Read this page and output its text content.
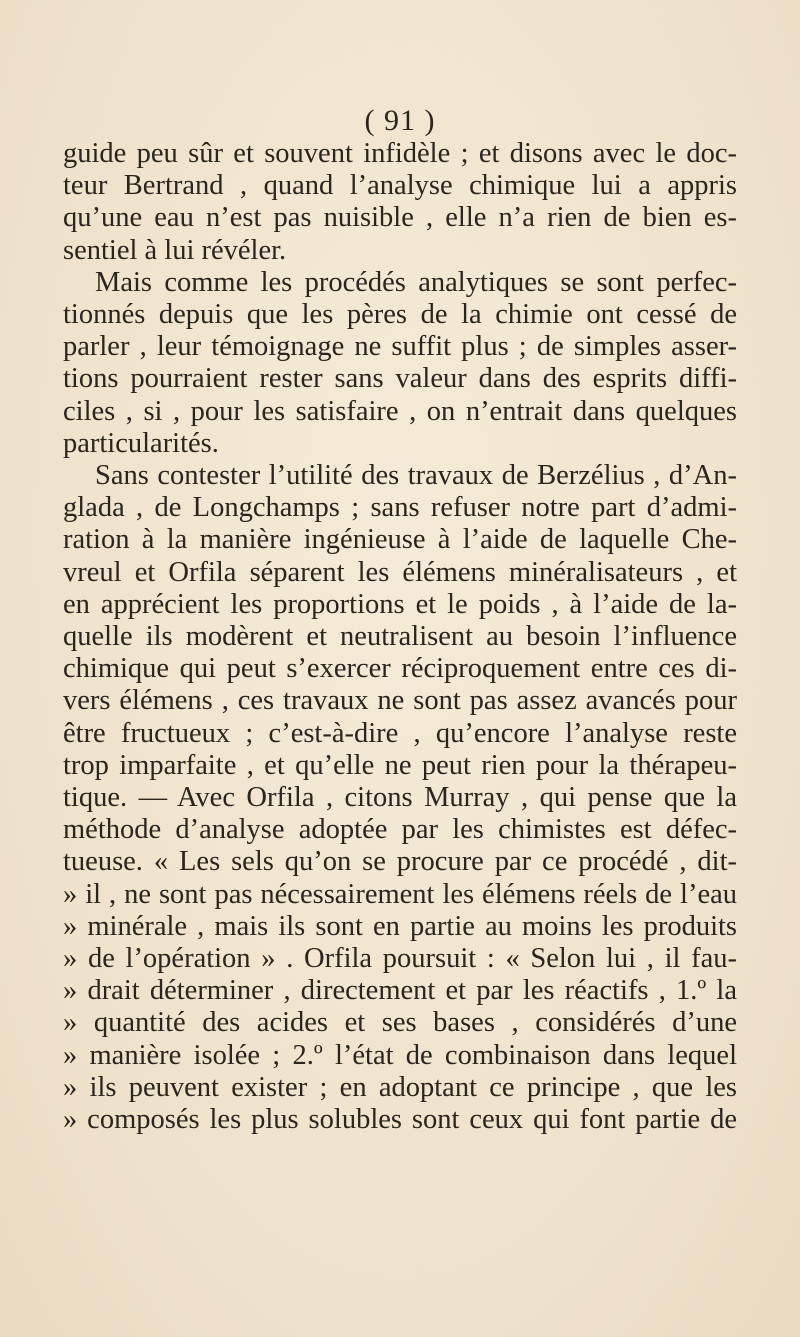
( 91 )
guide peu sûr et souvent infidèle ; et disons avec le doc-
teur Bertrand , quand l’analyse chimique lui a appris
qu’une eau n’est pas nuisible , elle n’a rien de bien es-
sentiel à lui révéler.
Mais comme les procédés analytiques se sont perfec-
tionnés depuis que les pères de la chimie ont cessé de
parler , leur témoignage ne suffit plus ; de simples asser-
tions pourraient rester sans valeur dans des esprits diffi-
ciles , si , pour les satisfaire , on n’entrait dans quelques
particularités.
Sans contester l’utilité des travaux de Berzélius , d’An-
glada , de Longchamps ; sans refuser notre part d’admi-
ration à la manière ingénieuse à l’aide de laquelle Che-
vreul et Orfila séparent les élémens minéralisateurs , et
en apprécient les proportions et le poids , à l’aide de la-
quelle ils modèrent et neutralisent au besoin l’influence
chimique qui peut s’exercer réciproquement entre ces di-
vers élémens , ces travaux ne sont pas assez avancés pour
être fructueux ; c’est-à-dire , qu’encore l’analyse reste
trop imparfaite , et qu’elle ne peut rien pour la thérapeu-
tique. — Avec Orfila , citons Murray , qui pense que la
méthode d’analyse adoptée par les chimistes est défec-
tueuse. « Les sels qu’on se procure par ce procédé , dit-
» il , ne sont pas nécessairement les élémens réels de l’eau
» minérale , mais ils sont en partie au moins les produits
» de l’opération » . Orfila poursuit : « Selon lui , il fau-
» drait déterminer , directement et par les réactifs , 1.º la
» quantité des acides et ses bases , considérés d’une
» manière isolée ; 2.º l’état de combinaison dans lequel
» ils peuvent exister ; en adoptant ce principe , que les
» composés les plus solubles sont ceux qui font partie de
